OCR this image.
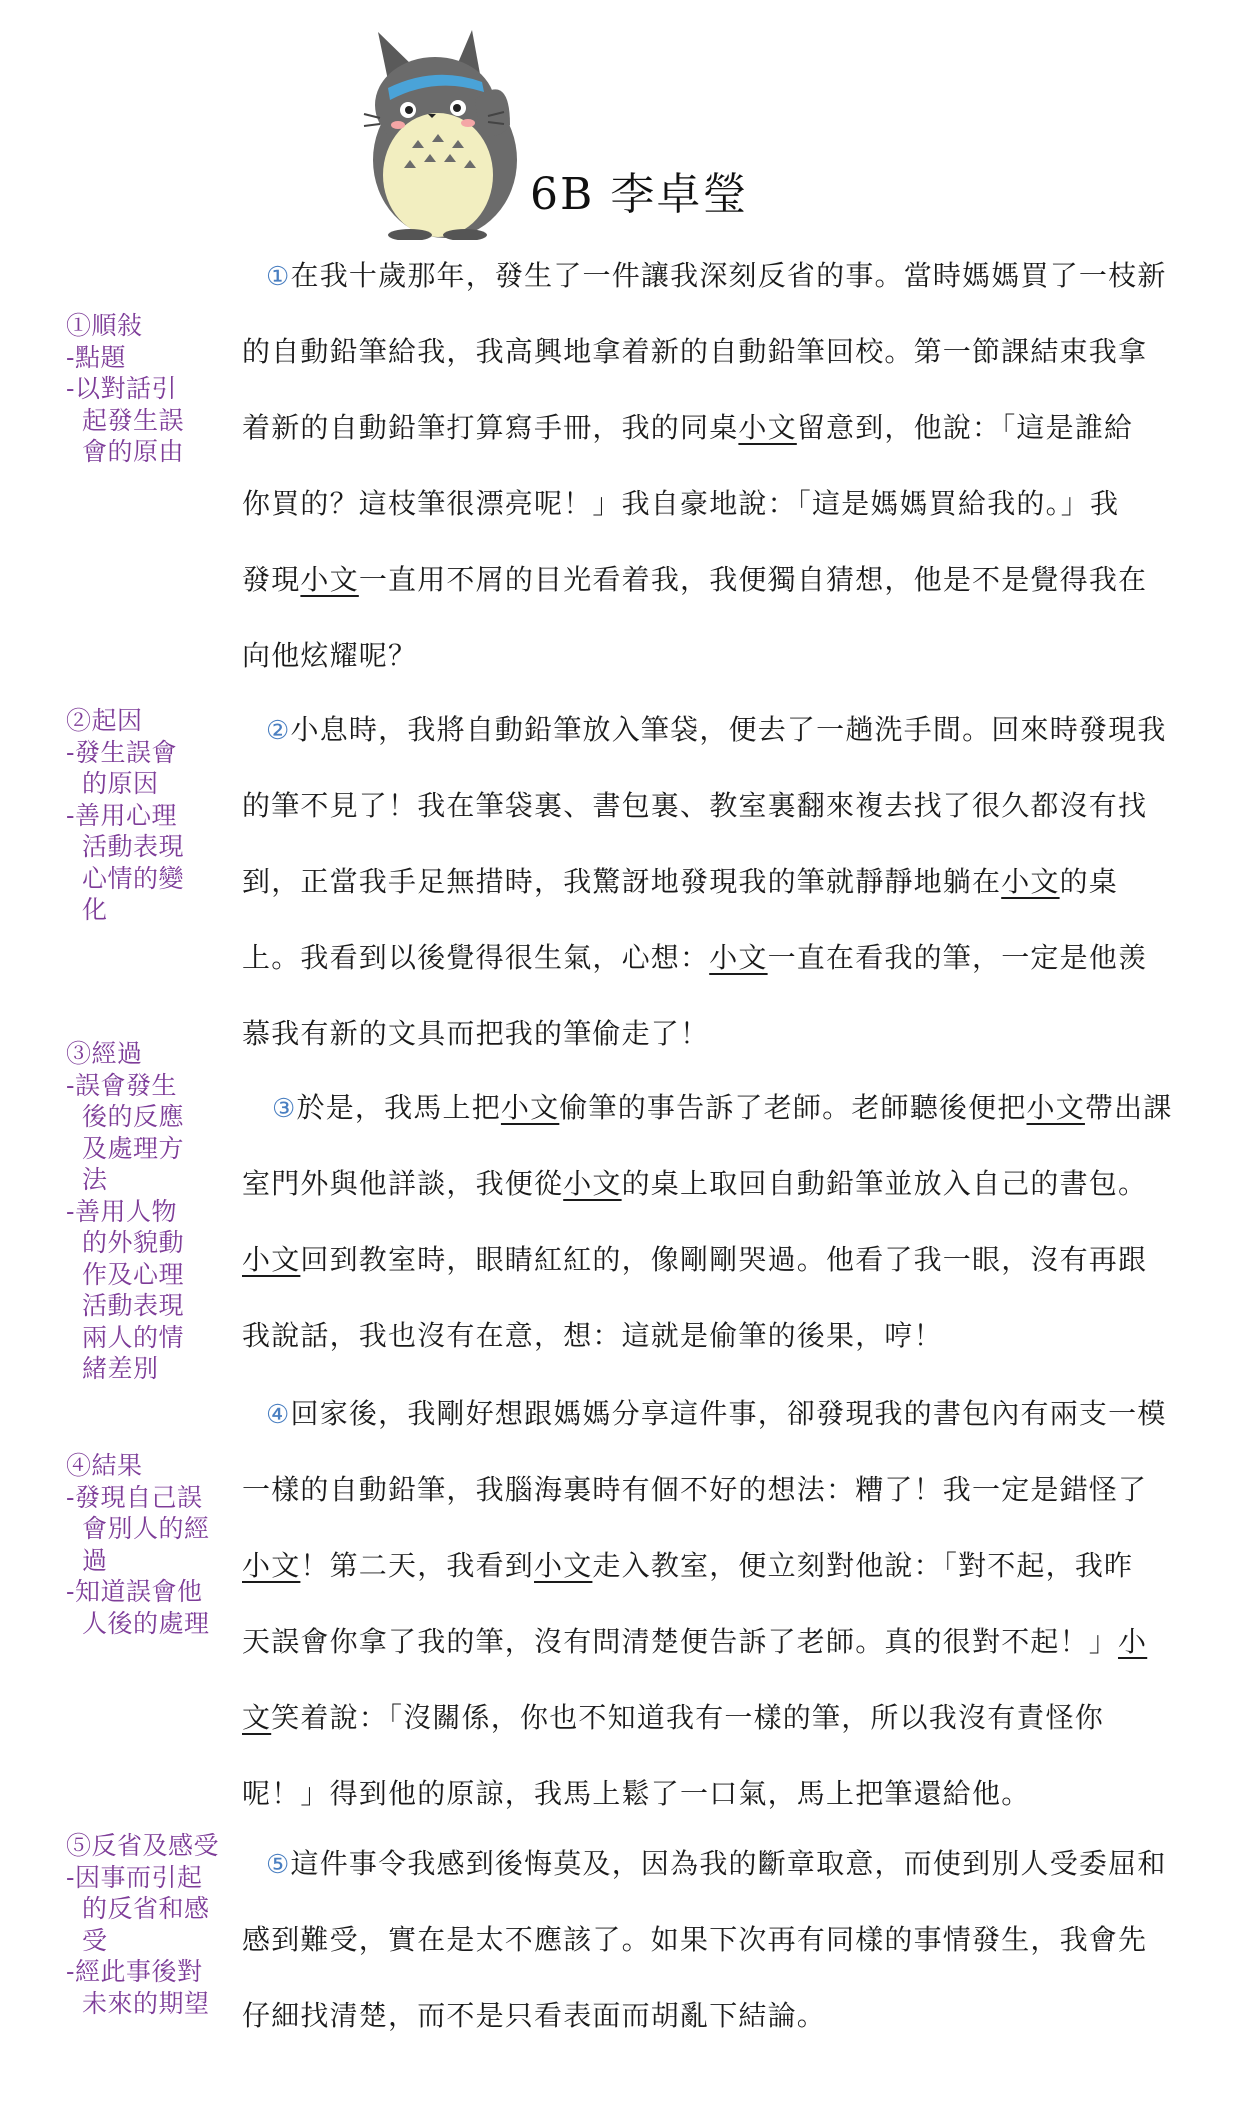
6B 李卓瑩
①順敍
-點題
-以對話引
起發生誤
會的原由
②起因
-發生誤會
的原因
-善用心理
活動表現
心情的變
化
③經過
-誤會發生
後的反應
及處理方
法
-善用人物
的外貌動
作及心理
活動表現
兩人的情
緒差別
④結果
-發現自己誤
會別人的經
過
-知道誤會他
人後的處理
⑤反省及感受
-因事而引起
的反省和感
受
-經此事後對
未來的期望
①在我十歲那年，發生了一件讓我深刻反省的事。當時媽媽買了一枝新
的自動鉛筆給我，我高興地拿着新的自動鉛筆回校。第一節課結束我拿
着新的自動鉛筆打算寫手冊，我的同桌小文留意到，他說：「這是誰給
你買的？這枝筆很漂亮呢！」我自豪地說：「這是媽媽買給我的。」我
發現小文一直用不屑的目光看着我，我便獨自猜想，他是不是覺得我在
向他炫耀呢？
②小息時，我將自動鉛筆放入筆袋，便去了一趟洗手間。回來時發現我
的筆不見了！我在筆袋裏、書包裏、教室裏翻來複去找了很久都沒有找
到，正當我手足無措時，我驚訝地發現我的筆就靜靜地躺在小文的桌
上。我看到以後覺得很生氣，心想：小文一直在看我的筆，一定是他羡
慕我有新的文具而把我的筆偷走了！
③於是，我馬上把小文偷筆的事告訴了老師。老師聽後便把小文帶出課
室門外與他詳談，我便從小文的桌上取回自動鉛筆並放入自己的書包。
小文回到教室時，眼睛紅紅的，像剛剛哭過。他看了我一眼，沒有再跟
我說話，我也沒有在意，想：這就是偷筆的後果，哼！
④回家後，我剛好想跟媽媽分享這件事，卻發現我的書包內有兩支一模
一樣的自動鉛筆，我腦海裏時有個不好的想法：糟了！我一定是錯怪了
小文！第二天，我看到小文走入教室，便立刻對他說：「對不起，我昨
天誤會你拿了我的筆，沒有問清楚便告訴了老師。真的很對不起！」小
文笑着說：「沒關係，你也不知道我有一樣的筆，所以我沒有責怪你
呢！」得到他的原諒，我馬上鬆了一口氣，馬上把筆還給他。
⑤這件事令我感到後悔莫及，因為我的斷章取意，而使到別人受委屈和
感到難受，實在是太不應該了。如果下次再有同樣的事情發生，我會先
仔細找清楚，而不是只看表面而胡亂下結論。
